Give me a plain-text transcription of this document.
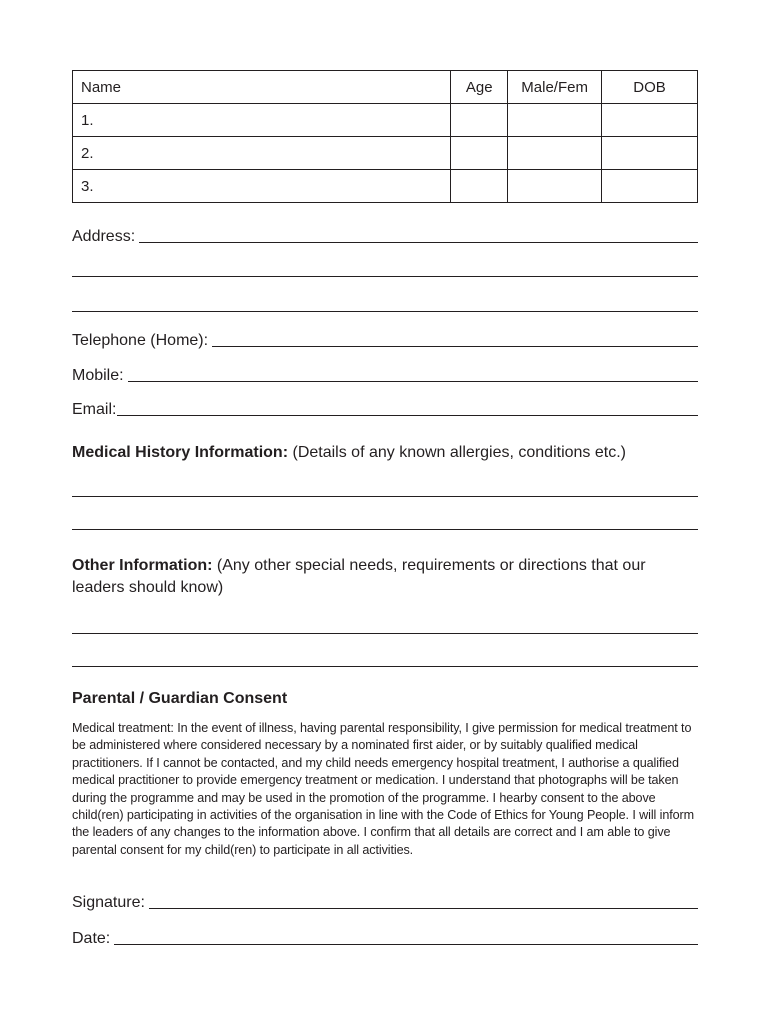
Name	Age	Male/Fem	DOB
1.			
2.			
3.			
Address:
Telephone (Home):
Mobile:
Email:
Medical History Information: (Details of any known allergies, conditions etc.)
Other Information: (Any other special needs, requirements or directions that our leaders should know)
Parental / Guardian Consent
Medical treatment: In the event of illness, having parental responsibility, I give permission for medical treatment to be administered where considered necessary by a nominated first aider, or by suitably qualified medical practitioners. If I cannot be contacted, and my child needs emergency hospital treatment, I authorise a qualified medical practitioner to provide emergency treatment or medication. I understand that photographs will be taken during the programme and may be used in the promotion of the programme. I hearby consent to the above child(ren) participating in activities of the organisation in line with the Code of Ethics for Young People. I will inform the leaders of any changes to the information above. I confirm that all details are correct and I am able to give parental consent for my child(ren) to participate in all activities.
Signature:
Date:
